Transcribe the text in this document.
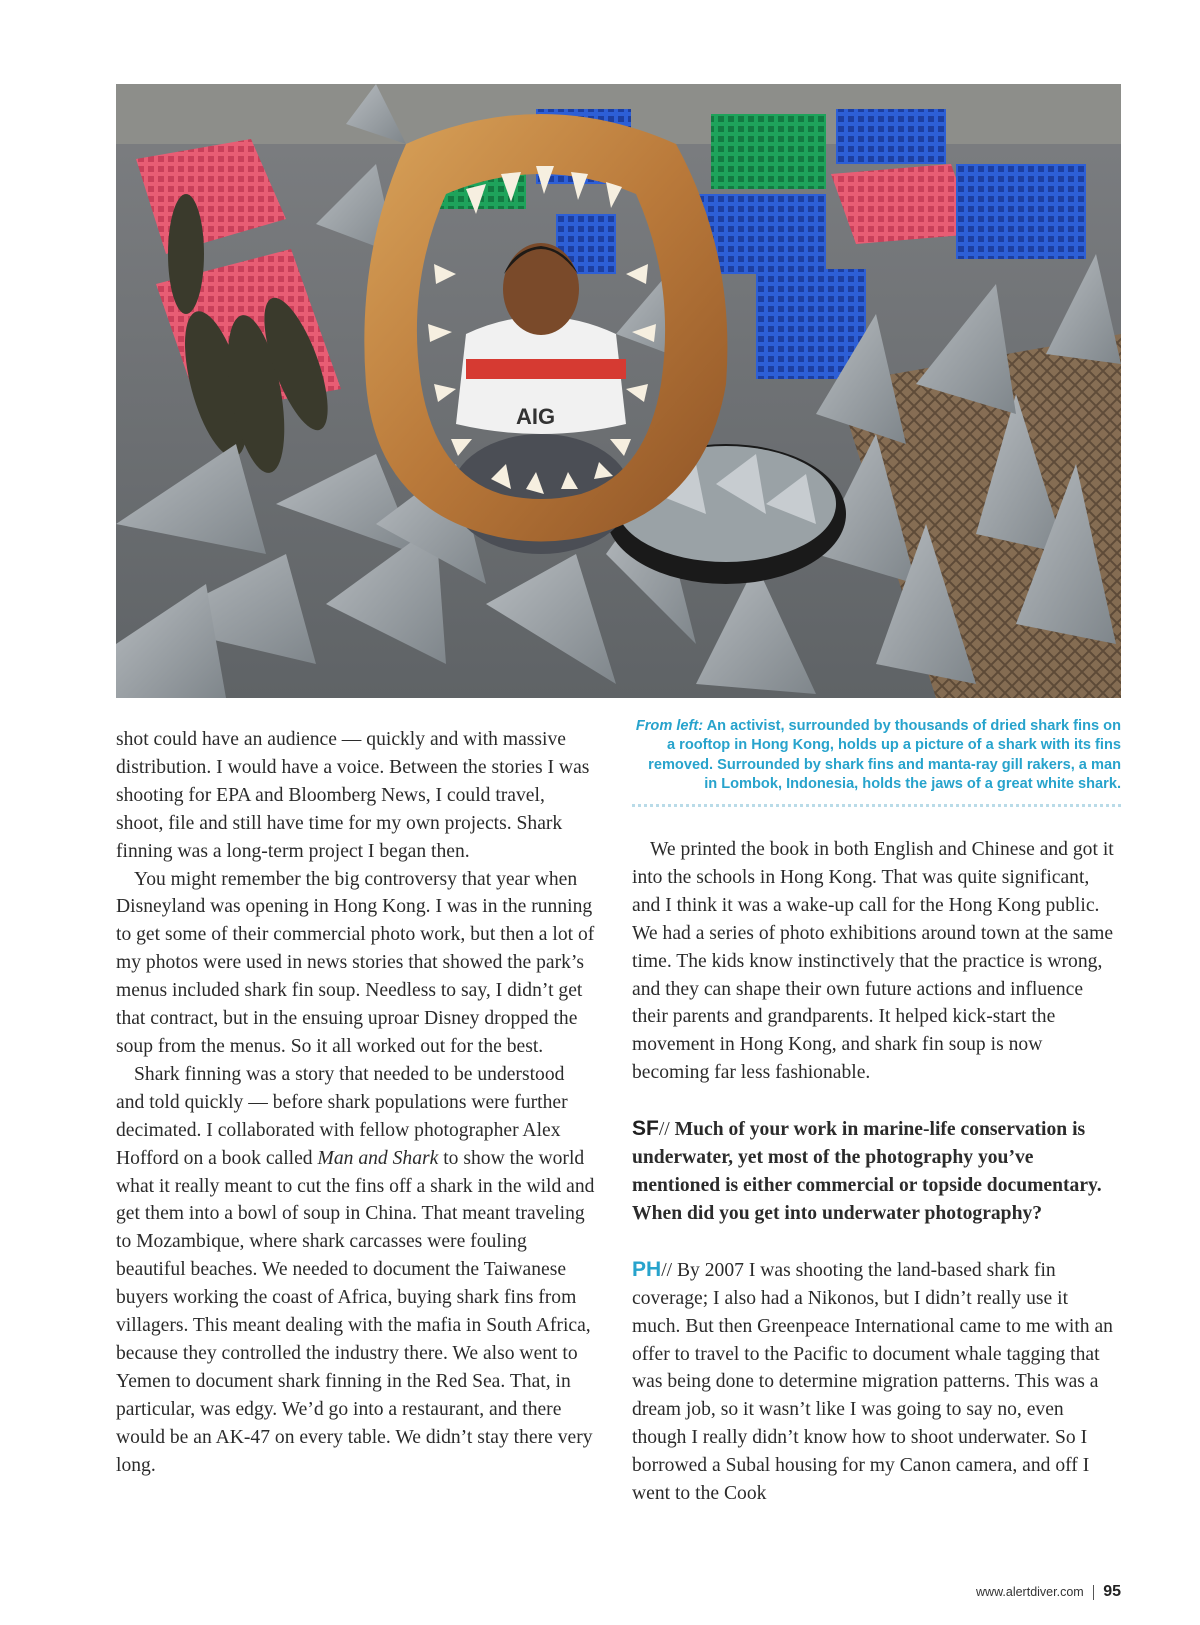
AIG

shot could have an audience — quickly and with massive distribution. I would have a voice. Between the stories I was shooting for EPA and Bloomberg News, I could travel, shoot, file and still have time for my own projects. Shark finning was a long-term project I began then.

You might remember the big controversy that year when Disneyland was opening in Hong Kong. I was in the running to get some of their commercial photo work, but then a lot of my photos were used in news stories that showed the park’s menus included shark fin soup. Needless to say, I didn’t get that contract, but in the ensuing uproar Disney dropped the soup from the menus. So it all worked out for the best.

Shark finning was a story that needed to be understood and told quickly — before shark populations were further decimated. I collaborated with fellow photographer Alex Hofford on a book called Man and Shark to show the world what it really meant to cut the fins off a shark in the wild and get them into a bowl of soup in China. That meant traveling to Mozambique, where shark carcasses were fouling beautiful beaches. We needed to document the Taiwanese buyers working the coast of Africa, buying shark fins from villagers. This meant dealing with the mafia in South Africa, because they controlled the industry there. We also went to Yemen to document shark finning in the Red Sea. That, in particular, was edgy. We’d go into a restaurant, and there would be an AK-47 on every table. We didn’t stay there very long.

From left: An activist, surrounded by thousands of dried shark fins on a rooftop in Hong Kong, holds up a picture of a shark with its fins removed. Surrounded by shark fins and manta-ray gill rakers, a man in Lombok, Indonesia, holds the jaws of a great white shark.

We printed the book in both English and Chinese and got it into the schools in Hong Kong. That was quite significant, and I think it was a wake-up call for the Hong Kong public. We had a series of photo exhibitions around town at the same time. The kids know instinctively that the practice is wrong, and they can shape their own future actions and influence their parents and grandparents. It helped kick-start the movement in Hong Kong, and shark fin soup is now becoming far less fashionable.

SF// Much of your work in marine-life conservation is underwater, yet most of the photography you’ve mentioned is either commercial or topside documentary. When did you get into underwater photography?

PH// By 2007 I was shooting the land-based shark fin coverage; I also had a Nikonos, but I didn’t really use it much. But then Greenpeace International came to me with an offer to travel to the Pacific to document whale tagging that was being done to determine migration patterns. This was a dream job, so it wasn’t like I was going to say no, even though I really didn’t know how to shoot underwater. So I borrowed a Subal housing for my Canon camera, and off I went to the Cook

www.alertdiver.com 95
